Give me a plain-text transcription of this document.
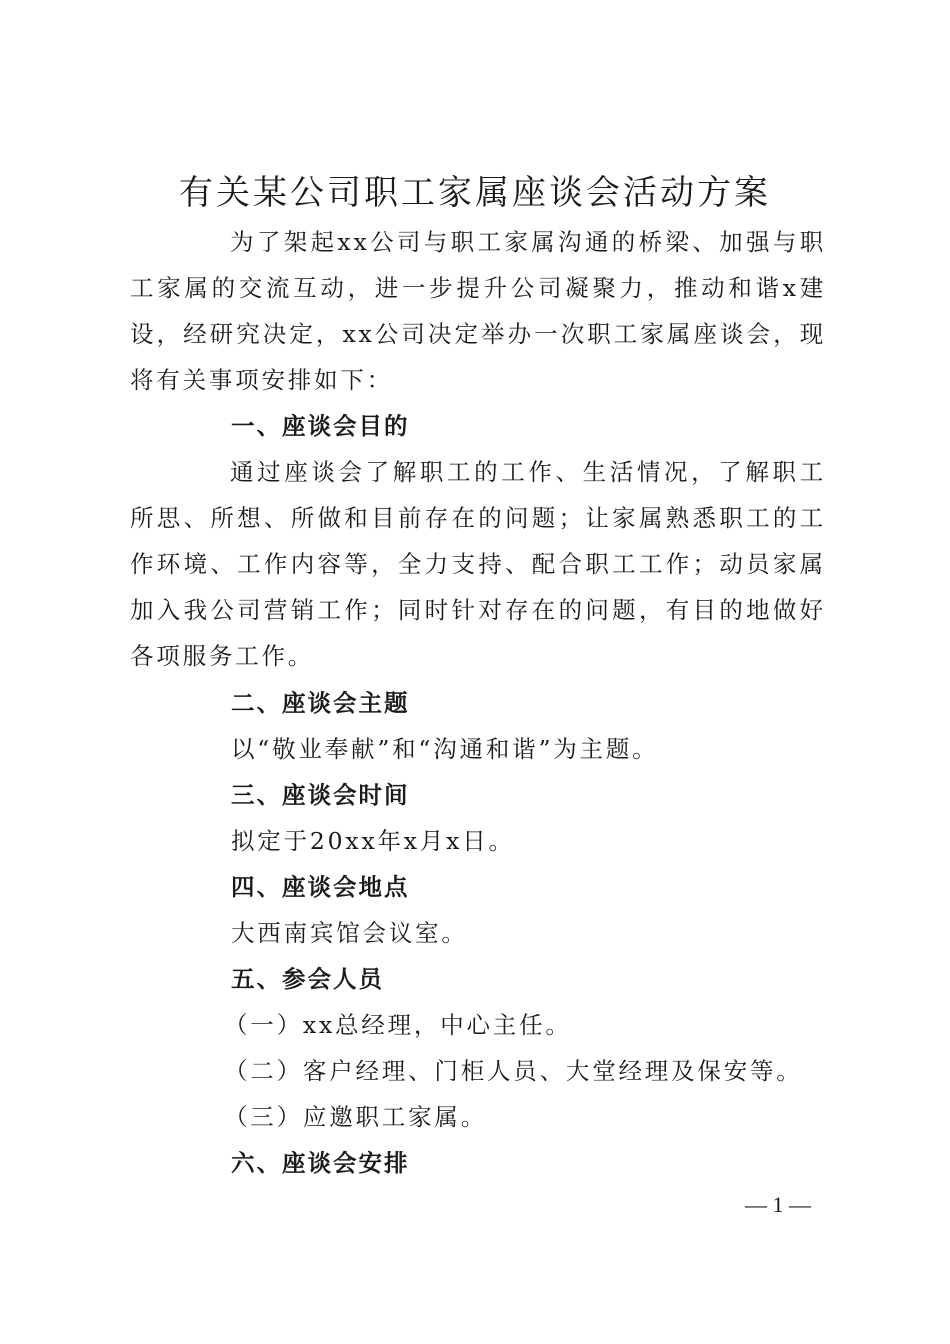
有关某公司职工家属座谈会活动方案

为了架起xx公司与职工家属沟通的桥梁、加强与职工家属的交流互动，进一步提升公司凝聚力，推动和谐x建设，经研究决定，xx公司决定举办一次职工家属座谈会，现将有关事项安排如下：

一、座谈会目的

通过座谈会了解职工的工作、生活情况，了解职工所思、所想、所做和目前存在的问题；让家属熟悉职工的工作环境、工作内容等，全力支持、配合职工工作；动员家属加入我公司营销工作；同时针对存在的问题，有目的地做好各项服务工作。

二、座谈会主题
以“敬业奉献”和“沟通和谐”为主题。
三、座谈会时间
拟定于20xx年x月x日。
四、座谈会地点
大西南宾馆会议室。
五、参会人员
（一）xx总经理，中心主任。
（二）客户经理、门柜人员、大堂经理及保安等。
（三）应邀职工家属。
六、座谈会安排
— 1 —
